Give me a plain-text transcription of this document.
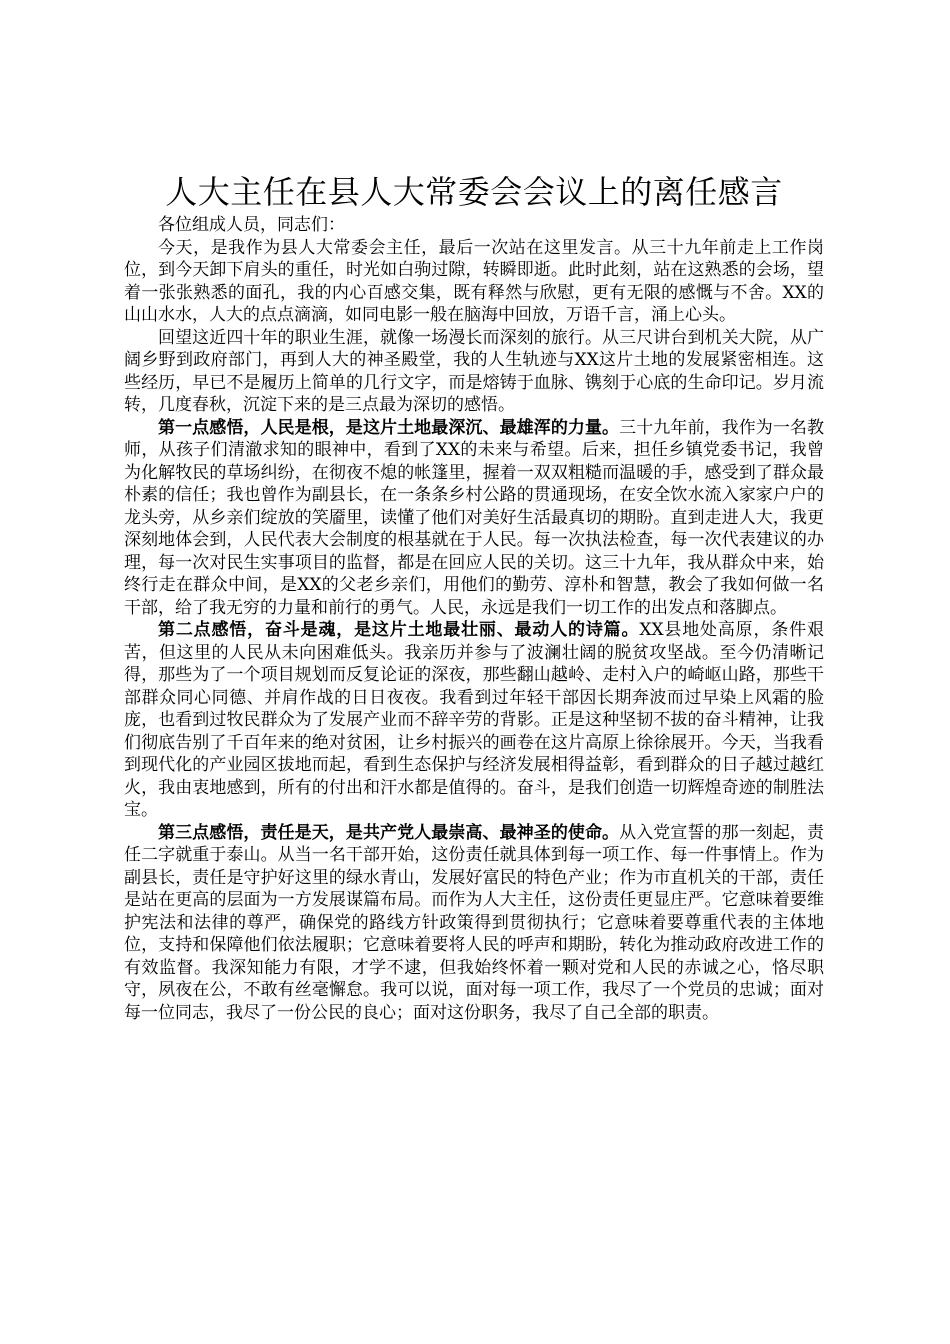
人大主任在县人大常委会会议上的离任感言

各位组成人员，同志们：

今天，是我作为县人大常委会主任，最后一次站在这里发言。从三十九年前走上工作岗位，到今天卸下肩头的重任，时光如白驹过隙，转瞬即逝。此时此刻，站在这熟悉的会场，望着一张张熟悉的面孔，我的内心百感交集，既有释然与欣慰，更有无限的感慨与不舍。XX的山山水水，人大的点点滴滴，如同电影一般在脑海中回放，万语千言，涌上心头。

回望这近四十年的职业生涯，就像一场漫长而深刻的旅行。从三尺讲台到机关大院，从广阔乡野到政府部门，再到人大的神圣殿堂，我的人生轨迹与XX这片土地的发展紧密相连。这些经历，早已不是履历上简单的几行文字，而是熔铸于血脉、镌刻于心底的生命印记。岁月流转，几度春秋，沉淀下来的是三点最为深切的感悟。

第一点感悟，人民是根，是这片土地最深沉、最雄浑的力量。三十九年前，我作为一名教师，从孩子们清澈求知的眼神中，看到了XX的未来与希望。后来，担任乡镇党委书记，我曾为化解牧民的草场纠纷，在彻夜不熄的帐篷里，握着一双双粗糙而温暖的手，感受到了群众最朴素的信任；我也曾作为副县长，在一条条乡村公路的贯通现场，在安全饮水流入家家户户的龙头旁，从乡亲们绽放的笑靥里，读懂了他们对美好生活最真切的期盼。直到走进人大，我更深刻地体会到，人民代表大会制度的根基就在于人民。每一次执法检查，每一次代表建议的办理，每一次对民生实事项目的监督，都是在回应人民的关切。这三十九年，我从群众中来，始终行走在群众中间，是XX的父老乡亲们，用他们的勤劳、淳朴和智慧，教会了我如何做一名干部，给了我无穷的力量和前行的勇气。人民，永远是我们一切工作的出发点和落脚点。

第二点感悟，奋斗是魂，是这片土地最壮丽、最动人的诗篇。XX县地处高原，条件艰苦，但这里的人民从未向困难低头。我亲历并参与了波澜壮阔的脱贫攻坚战。至今仍清晰记得，那些为了一个项目规划而反复论证的深夜，那些翻山越岭、走村入户的崎岖山路，那些干部群众同心同德、并肩作战的日日夜夜。我看到过年轻干部因长期奔波而过早染上风霜的脸庞，也看到过牧民群众为了发展产业而不辞辛劳的背影。正是这种坚韧不拔的奋斗精神，让我们彻底告别了千百年来的绝对贫困，让乡村振兴的画卷在这片高原上徐徐展开。今天，当我看到现代化的产业园区拔地而起，看到生态保护与经济发展相得益彰，看到群众的日子越过越红火，我由衷地感到，所有的付出和汗水都是值得的。奋斗，是我们创造一切辉煌奇迹的制胜法宝。

第三点感悟，责任是天，是共产党人最崇高、最神圣的使命。从入党宣誓的那一刻起，责任二字就重于泰山。从当一名干部开始，这份责任就具体到每一项工作、每一件事情上。作为副县长，责任是守护好这里的绿水青山，发展好富民的特色产业；作为市直机关的干部，责任是站在更高的层面为一方发展谋篇布局。而作为人大主任，这份责任更显庄严。它意味着要维护宪法和法律的尊严，确保党的路线方针政策得到贯彻执行；它意味着要尊重代表的主体地位，支持和保障他们依法履职；它意味着要将人民的呼声和期盼，转化为推动政府改进工作的有效监督。我深知能力有限，才学不逮，但我始终怀着一颗对党和人民的赤诚之心，恪尽职守，夙夜在公，不敢有丝毫懈怠。我可以说，面对每一项工作，我尽了一个党员的忠诚；面对每一位同志，我尽了一份公民的良心；面对这份职务，我尽了自己全部的职责。
